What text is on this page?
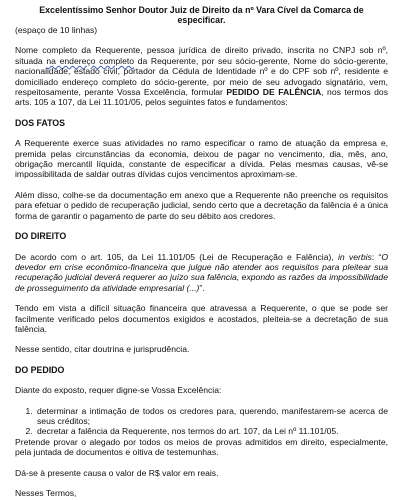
Excelentíssimo Senhor Doutor Juiz de Direito da nº Vara Cível da Comarca de especificar.
(espaço de 10 linhas)

Nome completo da Requerente, pessoa jurídica de direito privado, inscrita no CNPJ sob nº, situada na endereço completo da Requerente, por seu sócio-gerente, Nome do sócio-gerente, nacionalidade, estado civil, portador da Cédula de Identidade nº e do CPF sob nº, residente e domiciliado endereço completo do sócio-gerente, por meio de seu advogado signatário, vem, respeitosamente, perante Vossa Excelência, formular PEDIDO DE FALÊNCIA, nos termos dos arts. 105 a 107, da Lei 11.101/05, pelos seguintes fatos e fundamentos:

DOS FATOS

A Requerente exerce suas atividades no ramo especificar o ramo de atuação da empresa e, premida pelas circunstâncias da economia, deixou de pagar no vencimento, dia, mês, ano, obrigação mercantil líquida, constante de especificar a dívida. Pelas mesmas causas, vê-se impossibilitada de saldar outras dívidas cujos vencimentos aproximam-se.

Além disso, colhe-se da documentação em anexo que a Requerente não preenche os requisitos para efetuar o pedido de recuperação judicial, sendo certo que a decretação da falência é a única forma de garantir o pagamento de parte do seu débito aos credores.

DO DIREITO

De acordo com o art. 105, da Lei 11.101/05 (Lei de Recuperação e Falência), in verbis: “O devedor em crise econômico-financeira que julgue não atender aos requisitos para pleitear sua recuperação judicial deverá requerer ao juízo sua falência, expondo as razões da impossibilidade de prosseguimento da atividade empresarial (...)”.

Tendo em vista a difícil situação financeira que atravessa a Requerente, o que se pode ser facilmente verificado pelos documentos exigidos e acostados, pleiteia-se a decretação de sua falência.

Nesse sentido, citar doutrina e jurisprudência.

DO PEDIDO

Diante do exposto, requer digne-se Vossa Excelência:

1. determinar a intimação de todos os credores para, querendo, manifestarem-se acerca de seus créditos;
2. decretar a falência da Requerente, nos termos do art. 107, da Lei nº 11.101/05.

Pretende provar o alegado por todos os meios de provas admitidos em direito, especialmente, pela juntada de documentos e oitiva de testemunhas.

Dá-se à presente causa o valor de R$ valor em reais.

Nesses Termos,
